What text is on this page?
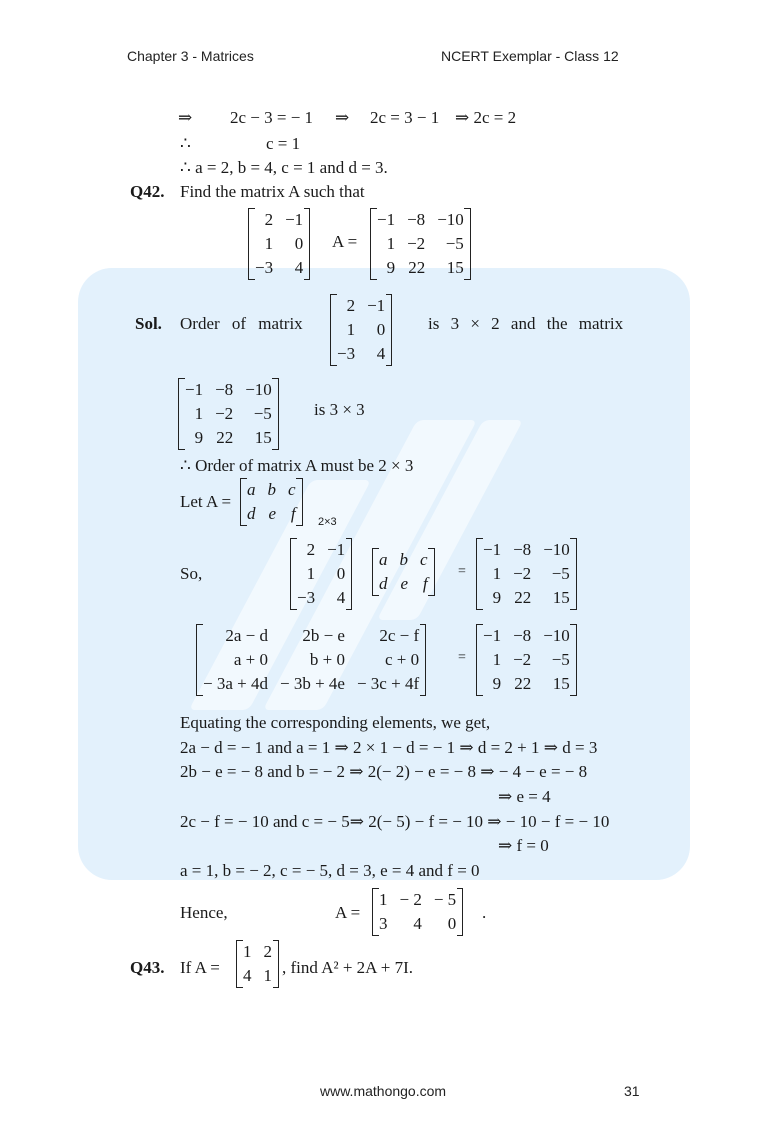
Chapter 3 - Matrices	NCERT Exemplar - Class 12
⇒ 2c − 3 = − 1 ⇒ 2c = 3 − 1 ⇒ 2c = 2
∴	c = 1
∴ a = 2, b = 4, c = 1 and d = 3.
Q42. Find the matrix A such that
2	−1
1	0
−3	4

A =
−1	−8	−10
1	−2	−5
9	22	15

Sol. Order of matrix
2	−1
1	0
−3	4

is 3 × 2 and the matrix
−1	−8	−10
1	−2	−5
9	22	15

is 3 × 3
∴ Order of matrix A must be 2 × 3
Let A =
a	b	c
d	e	f 2×3
So,
2	−1
1	0
−3	4

a	b	c
d	e	f

=
−1	−8	−10
1	−2	−5
9	22	15

2a − d	2b − e	2c − f
a + 0	b + 0	c + 0
− 3a + 4d	− 3b + 4e	− 3c + 4f

=
−1	−8	−10
1	−2	−5
9	22	15

Equating the corresponding elements, we get,
2a − d = − 1 and a = 1 ⇒ 2 × 1 − d = − 1 ⇒ d = 2 + 1 ⇒ d = 3
2b − e = − 8 and b = − 2 ⇒ 2(− 2) − e = − 8 ⇒ − 4 − e = − 8
⇒ e = 4
2c − f = − 10 and c = − 5⇒ 2(− 5) − f = − 10 ⇒ − 10 − f = − 10
⇒ f = 0
a = 1, b = − 2, c = − 5, d = 3, e = 4 and f = 0
Hence,	A =
1	− 2	− 5
3	4	0

.
Q43. If A =
1	2
4	1 , find A² + 2A + 7I.
www.mathongo.com	31
